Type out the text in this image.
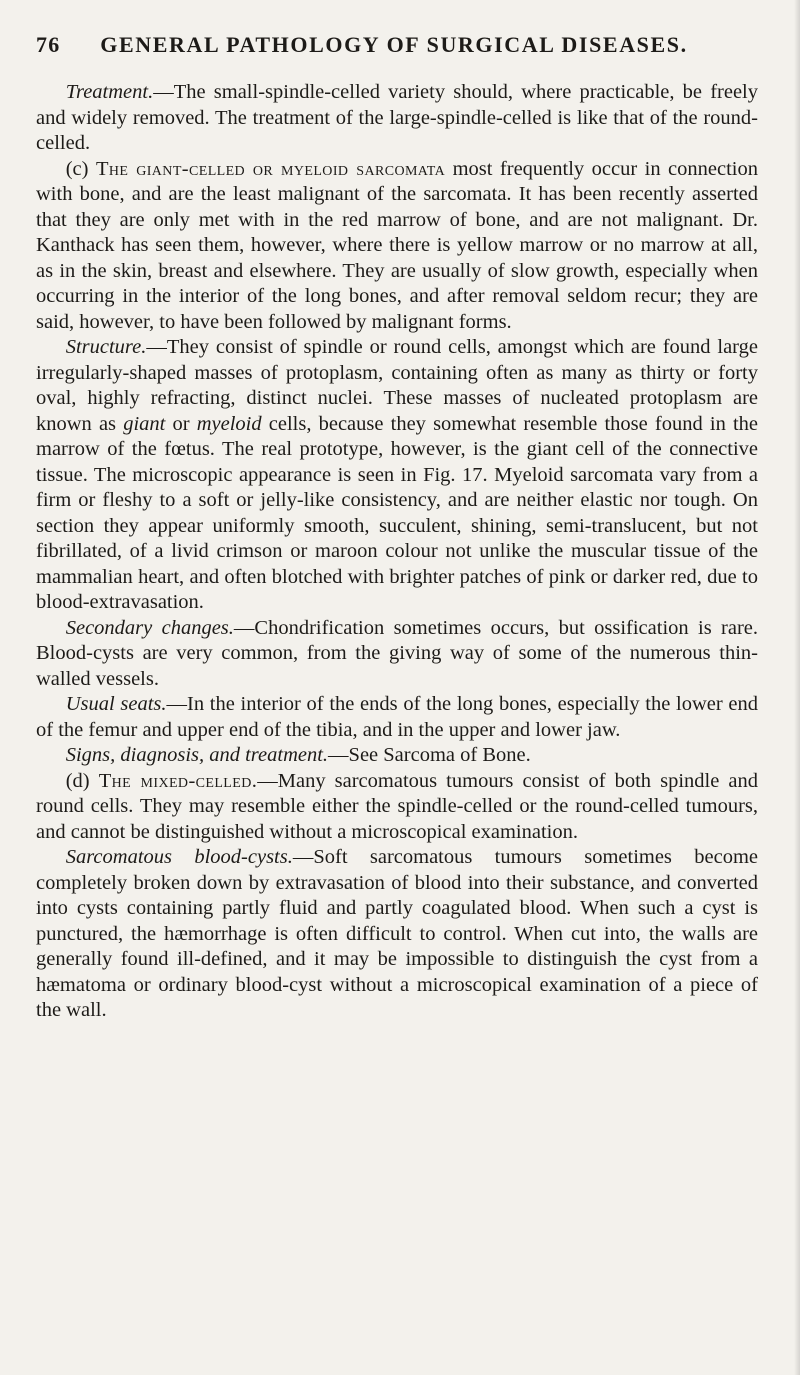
76	GENERAL PATHOLOGY OF SURGICAL DISEASES.

Treatment.—The small-spindle-celled variety should, where practicable, be freely and widely removed. The treatment of the large-spindle-celled is like that of the round-celled.

(c) The giant-celled or myeloid sarcomata most frequently occur in connection with bone, and are the least malignant of the sarcomata. It has been recently asserted that they are only met with in the red marrow of bone, and are not malignant. Dr. Kanthack has seen them, however, where there is yellow marrow or no marrow at all, as in the skin, breast and elsewhere. They are usually of slow growth, especially when occurring in the interior of the long bones, and after removal seldom recur; they are said, however, to have been followed by malignant forms.

Structure.—They consist of spindle or round cells, amongst which are found large irregularly-shaped masses of protoplasm, containing often as many as thirty or forty oval, highly refracting, distinct nuclei. These masses of nucleated protoplasm are known as giant or myeloid cells, because they somewhat resemble those found in the marrow of the fœtus. The real prototype, however, is the giant cell of the connective tissue. The microscopic appearance is seen in Fig. 17. Myeloid sarcomata vary from a firm or fleshy to a soft or jelly-like consistency, and are neither elastic nor tough. On section they appear uniformly smooth, succulent, shining, semi-translucent, but not fibrillated, of a livid crimson or maroon colour not unlike the muscular tissue of the mammalian heart, and often blotched with brighter patches of pink or darker red, due to blood-extravasation.

Secondary changes.—Chondrification sometimes occurs, but ossification is rare. Blood-cysts are very common, from the giving way of some of the numerous thin-walled vessels.

Usual seats.—In the interior of the ends of the long bones, especially the lower end of the femur and upper end of the tibia, and in the upper and lower jaw.

Signs, diagnosis, and treatment.—See Sarcoma of Bone.

(d) The mixed-celled.—Many sarcomatous tumours consist of both spindle and round cells. They may resemble either the spindle-celled or the round-celled tumours, and cannot be distinguished without a microscopical examination.

Sarcomatous blood-cysts.—Soft sarcomatous tumours sometimes become completely broken down by extravasation of blood into their substance, and converted into cysts containing partly fluid and partly coagulated blood. When such a cyst is punctured, the hæmorrhage is often difficult to control. When cut into, the walls are generally found ill-defined, and it may be impossible to distinguish the cyst from a hæmatoma or ordinary blood-cyst without a microscopical examination of a piece of the wall.
